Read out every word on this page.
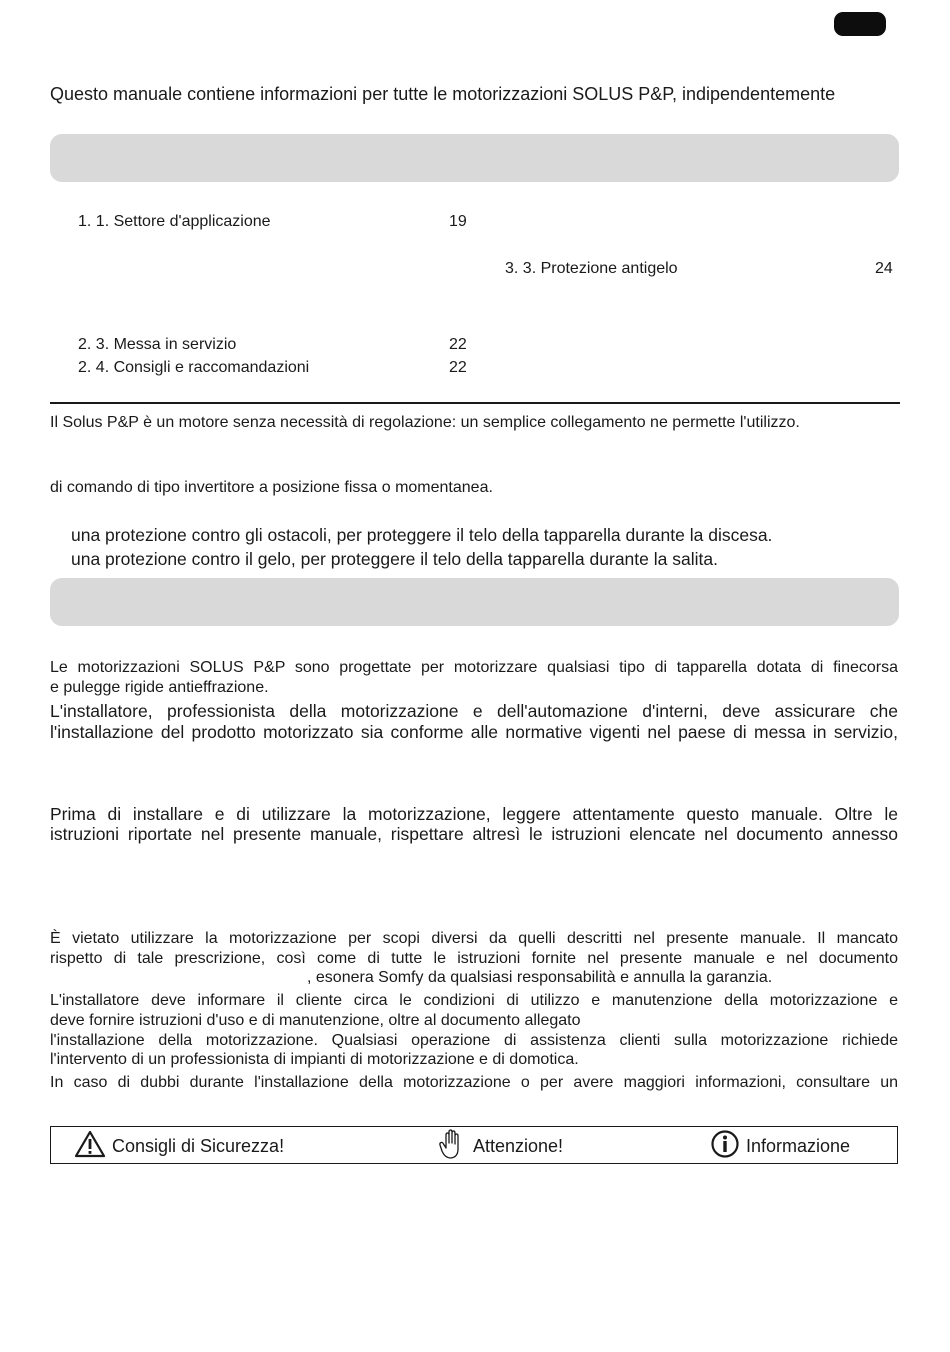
Questo manuale contiene informazioni per tutte le motorizzazioni SOLUS P&P, indipendentemente
1. 1. Settore d'applicazione	19
3. 3. Protezione antigelo	24
2. 3. Messa in servizio	22
2. 4. Consigli e raccomandazioni	22
Il Solus P&P è un motore senza necessità di regolazione: un semplice collegamento ne permette l'utilizzo.
di comando di tipo invertitore a posizione fissa o momentanea.
una protezione contro gli ostacoli, per proteggere il telo della tapparella durante la discesa.
una protezione contro il gelo, per proteggere il telo della tapparella durante la salita.
Le motorizzazioni SOLUS P&P sono progettate per motorizzare qualsiasi tipo di tapparella dotata di finecorsa
e pulegge rigide antieffrazione.
L'installatore, professionista della motorizzazione e dell'automazione d'interni, deve assicurare che
l'installazione del prodotto motorizzato sia conforme alle normative vigenti nel paese di messa in servizio,
Prima di installare e di utilizzare la motorizzazione, leggere attentamente questo manuale. Oltre le
istruzioni riportate nel presente manuale, rispettare altresì le istruzioni elencate nel documento annesso
È vietato utilizzare la motorizzazione per scopi diversi da quelli descritti nel presente manuale. Il mancato
rispetto di tale prescrizione, così come di tutte le istruzioni fornite nel presente manuale e nel documento
, esonera Somfy da qualsiasi responsabilità e annulla la garanzia.
L'installatore deve informare il cliente circa le condizioni di utilizzo e manutenzione della motorizzazione e
deve fornire istruzioni d'uso e di manutenzione, oltre al documento allegato
l'installazione della motorizzazione. Qualsiasi operazione di assistenza clienti sulla motorizzazione richiede
l'intervento di un professionista di impianti di motorizzazione e di domotica.
In caso di dubbi durante l'installazione della motorizzazione o per avere maggiori informazioni, consultare un
Consigli di Sicurezza!	Attenzione!	Informazione
